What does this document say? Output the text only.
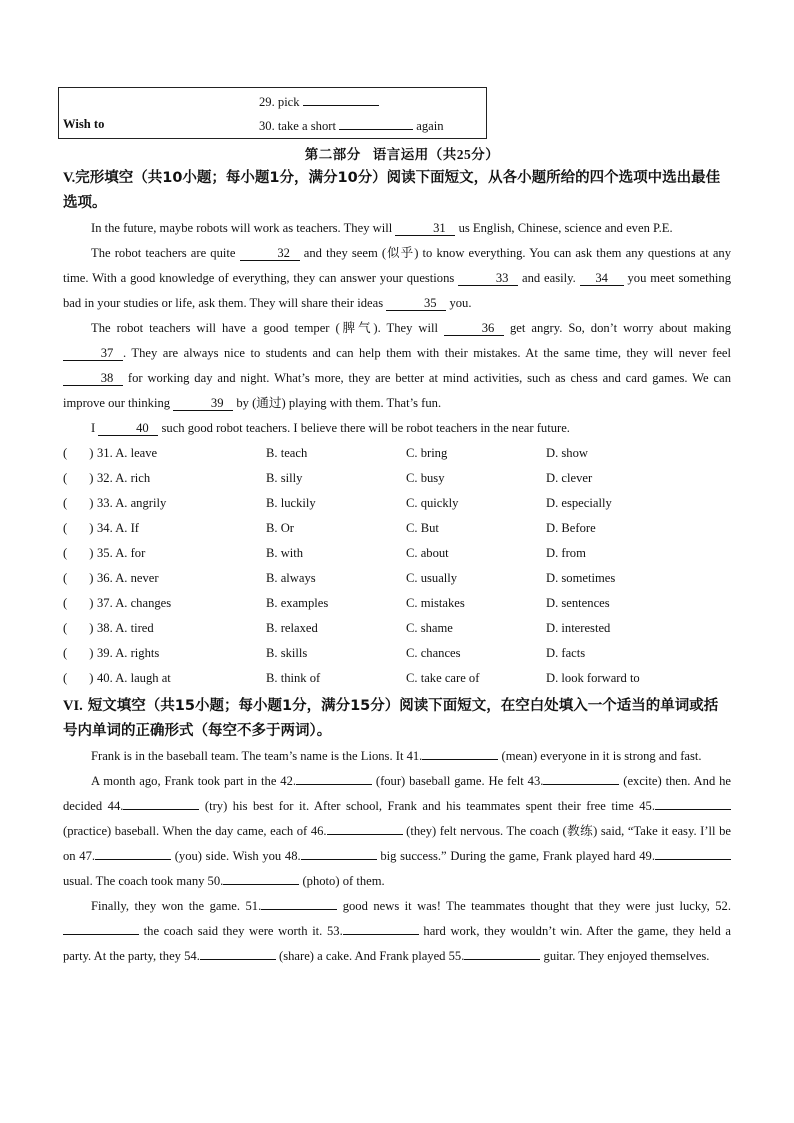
29. pick
Wish to	30. take a short	again
第二部分 语言运用（共25分）
V.完形填空（共10小题；每小题1分，满分10分）阅读下面短文，从各小题所给的四个选项中选出最佳选项。

In the future, maybe robots will work as teachers. They will	31 us English, Chinese, science and even P.E.

The robot teachers are quite	32 and they seem (似乎) to know everything. You can ask them any questions at any time. With a good knowledge of everything, they can answer your questions	33 and easily. 34 you meet something bad in your studies or life, ask them. They will share their ideas	35 you.

The robot teachers will have a good temper (脾气). They will	36 get angry. So, don’t worry about making 37 . They are always nice to students and can help them with their mistakes. At the same time, they will never feel 38 for working day and night. What’s more, they are better at mind activities, such as chess and card games. We can improve our thinking	39 by (通过) playing with them. That’s fun.

I	40 such good robot teachers. I believe there will be robot teachers in the near future.

(       ) 31. A. leave	B. teach	C. bring	D. show
(       ) 32. A. rich	B. silly	C. busy	D. clever
(       ) 33. A. angrily	B. luckily	C. quickly	D. especially
(       ) 34. A. If	B. Or	C. But	D. Before
(       ) 35. A. for	B. with	C. about	D. from
(       ) 36. A. never	B. always	C. usually	D. sometimes
(       ) 37. A. changes	B. examples	C. mistakes	D. sentences
(       ) 38. A. tired	B. relaxed	C. shame	D. interested
(       ) 39. A. rights	B. skills	C. chances	D. facts
(       ) 40. A. laugh at	B. think of	C. take care of	D. look forward to
VI. 短文填空（共15小题；每小题1分，满分15分）阅读下面短文，在空白处填入一个适当的单词或括号内单词的正确形式（每空不多于两词）。

Frank is in the baseball team. The team’s name is the Lions. It 41.	(mean) everyone in it is strong and fast.

A month ago, Frank took part in the 42.	(four) baseball game. He felt 43.	(excite) then. And he decided 44.	(try) his best for it. After school, Frank and his teammates spent their free time 45. (practice) baseball. When the day came, each of 46.	(they) felt nervous. The coach (教练) said, “Take it easy. I’ll be on 47.	(you) side. Wish you 48.	big success.” During the game, Frank played hard 49. usual. The coach took many 50.	(photo) of them.

Finally, they won the game. 51.	good news it was! The teammates thought that they were just lucky, 52. the coach said they were worth it. 53.	hard work, they wouldn’t win. After the game, they held a party. At the party, they 54.	(share) a cake. And Frank played 55.	guitar. They enjoyed themselves.
